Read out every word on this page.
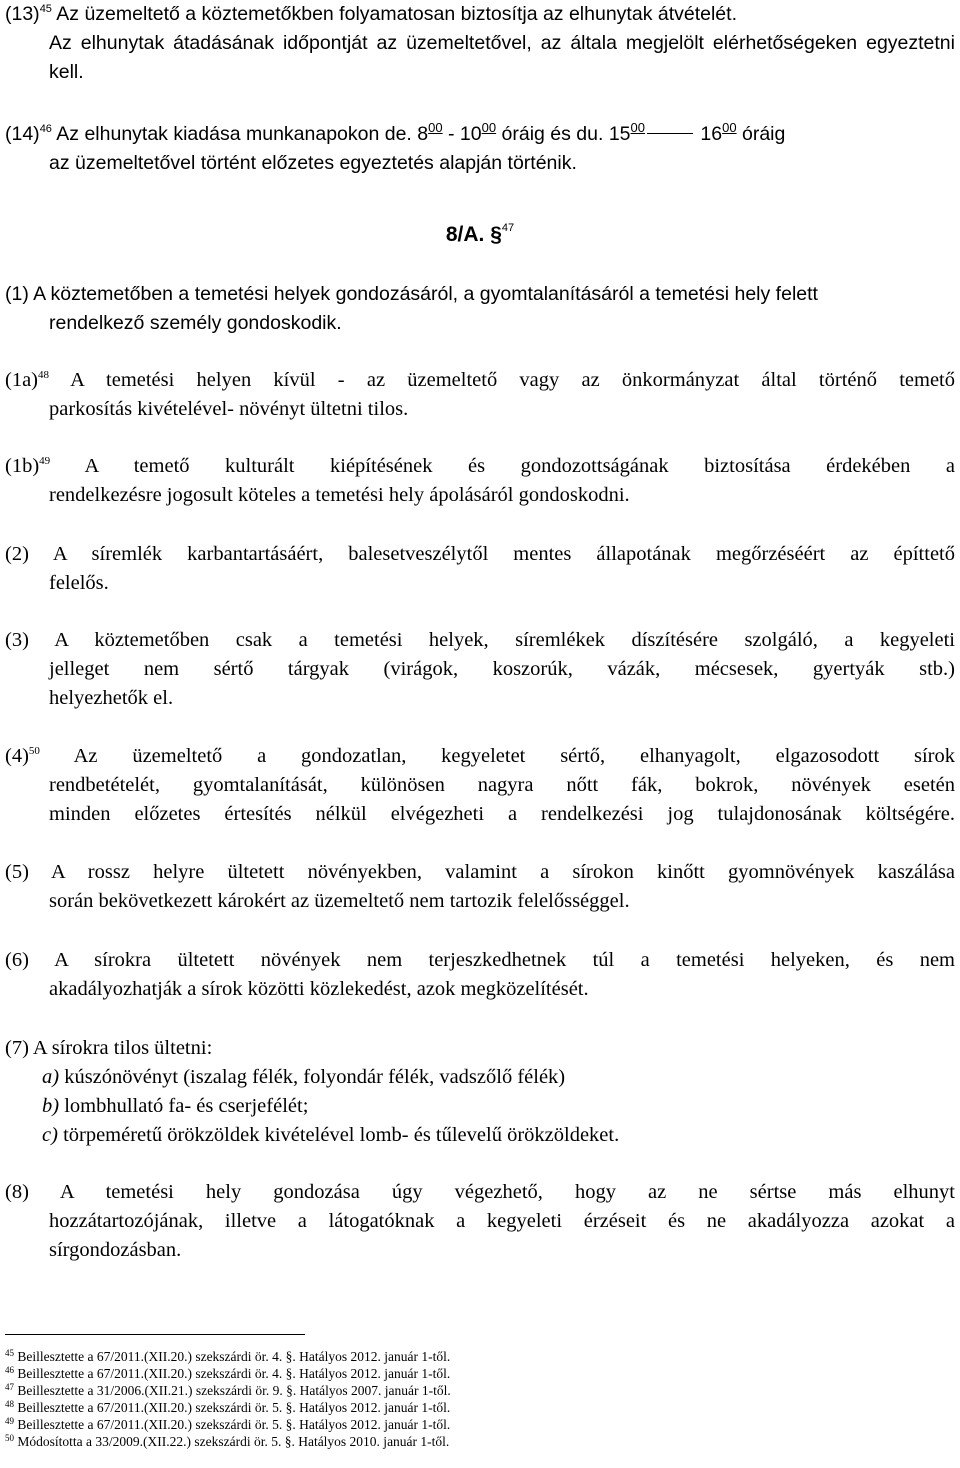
(13)$^{45}$ Az üzemeltető a köztemetőkben folyamatosan biztosítja az elhunytak átvételét.
Az elhunytak átadásának időpontját az üzemeltetővel, az általa megjelölt elérhetőségeken egyeztetni kell.
(14)$^{46}$ Az elhunytak kiadása munkanapokon de. $8^{00} - 10^{00}$ óráig és du. $15^{00}$	$16^{00}$ óráig
az üzemeltetővel történt előzetes egyeztetés alapján történik.
8/A. §$^{47}$
(1) A köztemetőben a temetési helyek gondozásáról, a gyomtalanításáról a temetési hely felett
rendelkező személy gondoskodik.
(1a)$^{48}$ A temetési helyen kívül - az üzemeltető vagy az önkormányzat által történő temető
parkosítás kivételével- növényt ültetni tilos.
(1b)$^{49}$ A temető kulturált kiépítésének és gondozottságának biztosítása érdekében a
rendelkezésre jogosult köteles a temetési hely ápolásáról gondoskodni.
(2) A síremlék karbantartásáért, balesetveszélytől mentes állapotának megőrzéséért az építtető
felelős.
(3) A köztemetőben csak a temetési helyek, síremlékek díszítésére szolgáló, a kegyeleti
jelleget nem sértő tárgyak (virágok, koszorúk, vázák, mécsesek, gyertyák stb.)
helyezhetők el.
(4)$^{50}$ Az üzemeltető a gondozatlan, kegyeletet sértő, elhanyagolt, elgazosodott sírok
rendbetételét, gyomtalanítását, különösen nagyra nőtt fák, bokrok, növények esetén
minden előzetes értesítés nélkül elvégezheti a rendelkezési jog tulajdonosának költségére.
(5) A rossz helyre ültetett növényekben, valamint a sírokon kinőtt gyomnövények kaszálása
során bekövetkezett károkért az üzemeltető nem tartozik felelősséggel.
(6) A sírokra ültetett növények nem terjeszkedhetnek túl a temetési helyeken, és nem
akadályozhatják a sírok közötti közlekedést, azok megközelítését.
(7) A sírokra tilos ültetni:
a) kúszónövényt (iszalag félék, folyondár félék, vadszőlő félék)
b) lombhullató fa- és cserjefélét;
c) törpeméretű örökzöldek kivételével lomb- és tűlevelű örökzöldeket.
(8) A temetési hely gondozása úgy végezhető, hogy az ne sértse más elhunyt
hozzátartozójának, illetve a látogatóknak a kegyeleti érzéseit és ne akadályozza azokat a
sírgondozásban.
$^{45}$ Beillesztette a 67/2011.(XII.20.) szekszárdi ör. 4. §. Hatályos 2012. január 1-től.
$^{46}$ Beillesztette a 67/2011.(XII.20.) szekszárdi ör. 4. §. Hatályos 2012. január 1-től.
$^{47}$ Beillesztette a 31/2006.(XII.21.) szekszárdi ör. 9. §. Hatályos 2007. január 1-től.
$^{48}$ Beillesztette a 67/2011.(XII.20.) szekszárdi ör. 5. §. Hatályos 2012. január 1-től.
$^{49}$ Beillesztette a 67/2011.(XII.20.) szekszárdi ör. 5. §. Hatályos 2012. január 1-től.
$^{50}$ Módosította a 33/2009.(XII.22.) szekszárdi ör. 5. §. Hatályos 2010. január 1-től.
